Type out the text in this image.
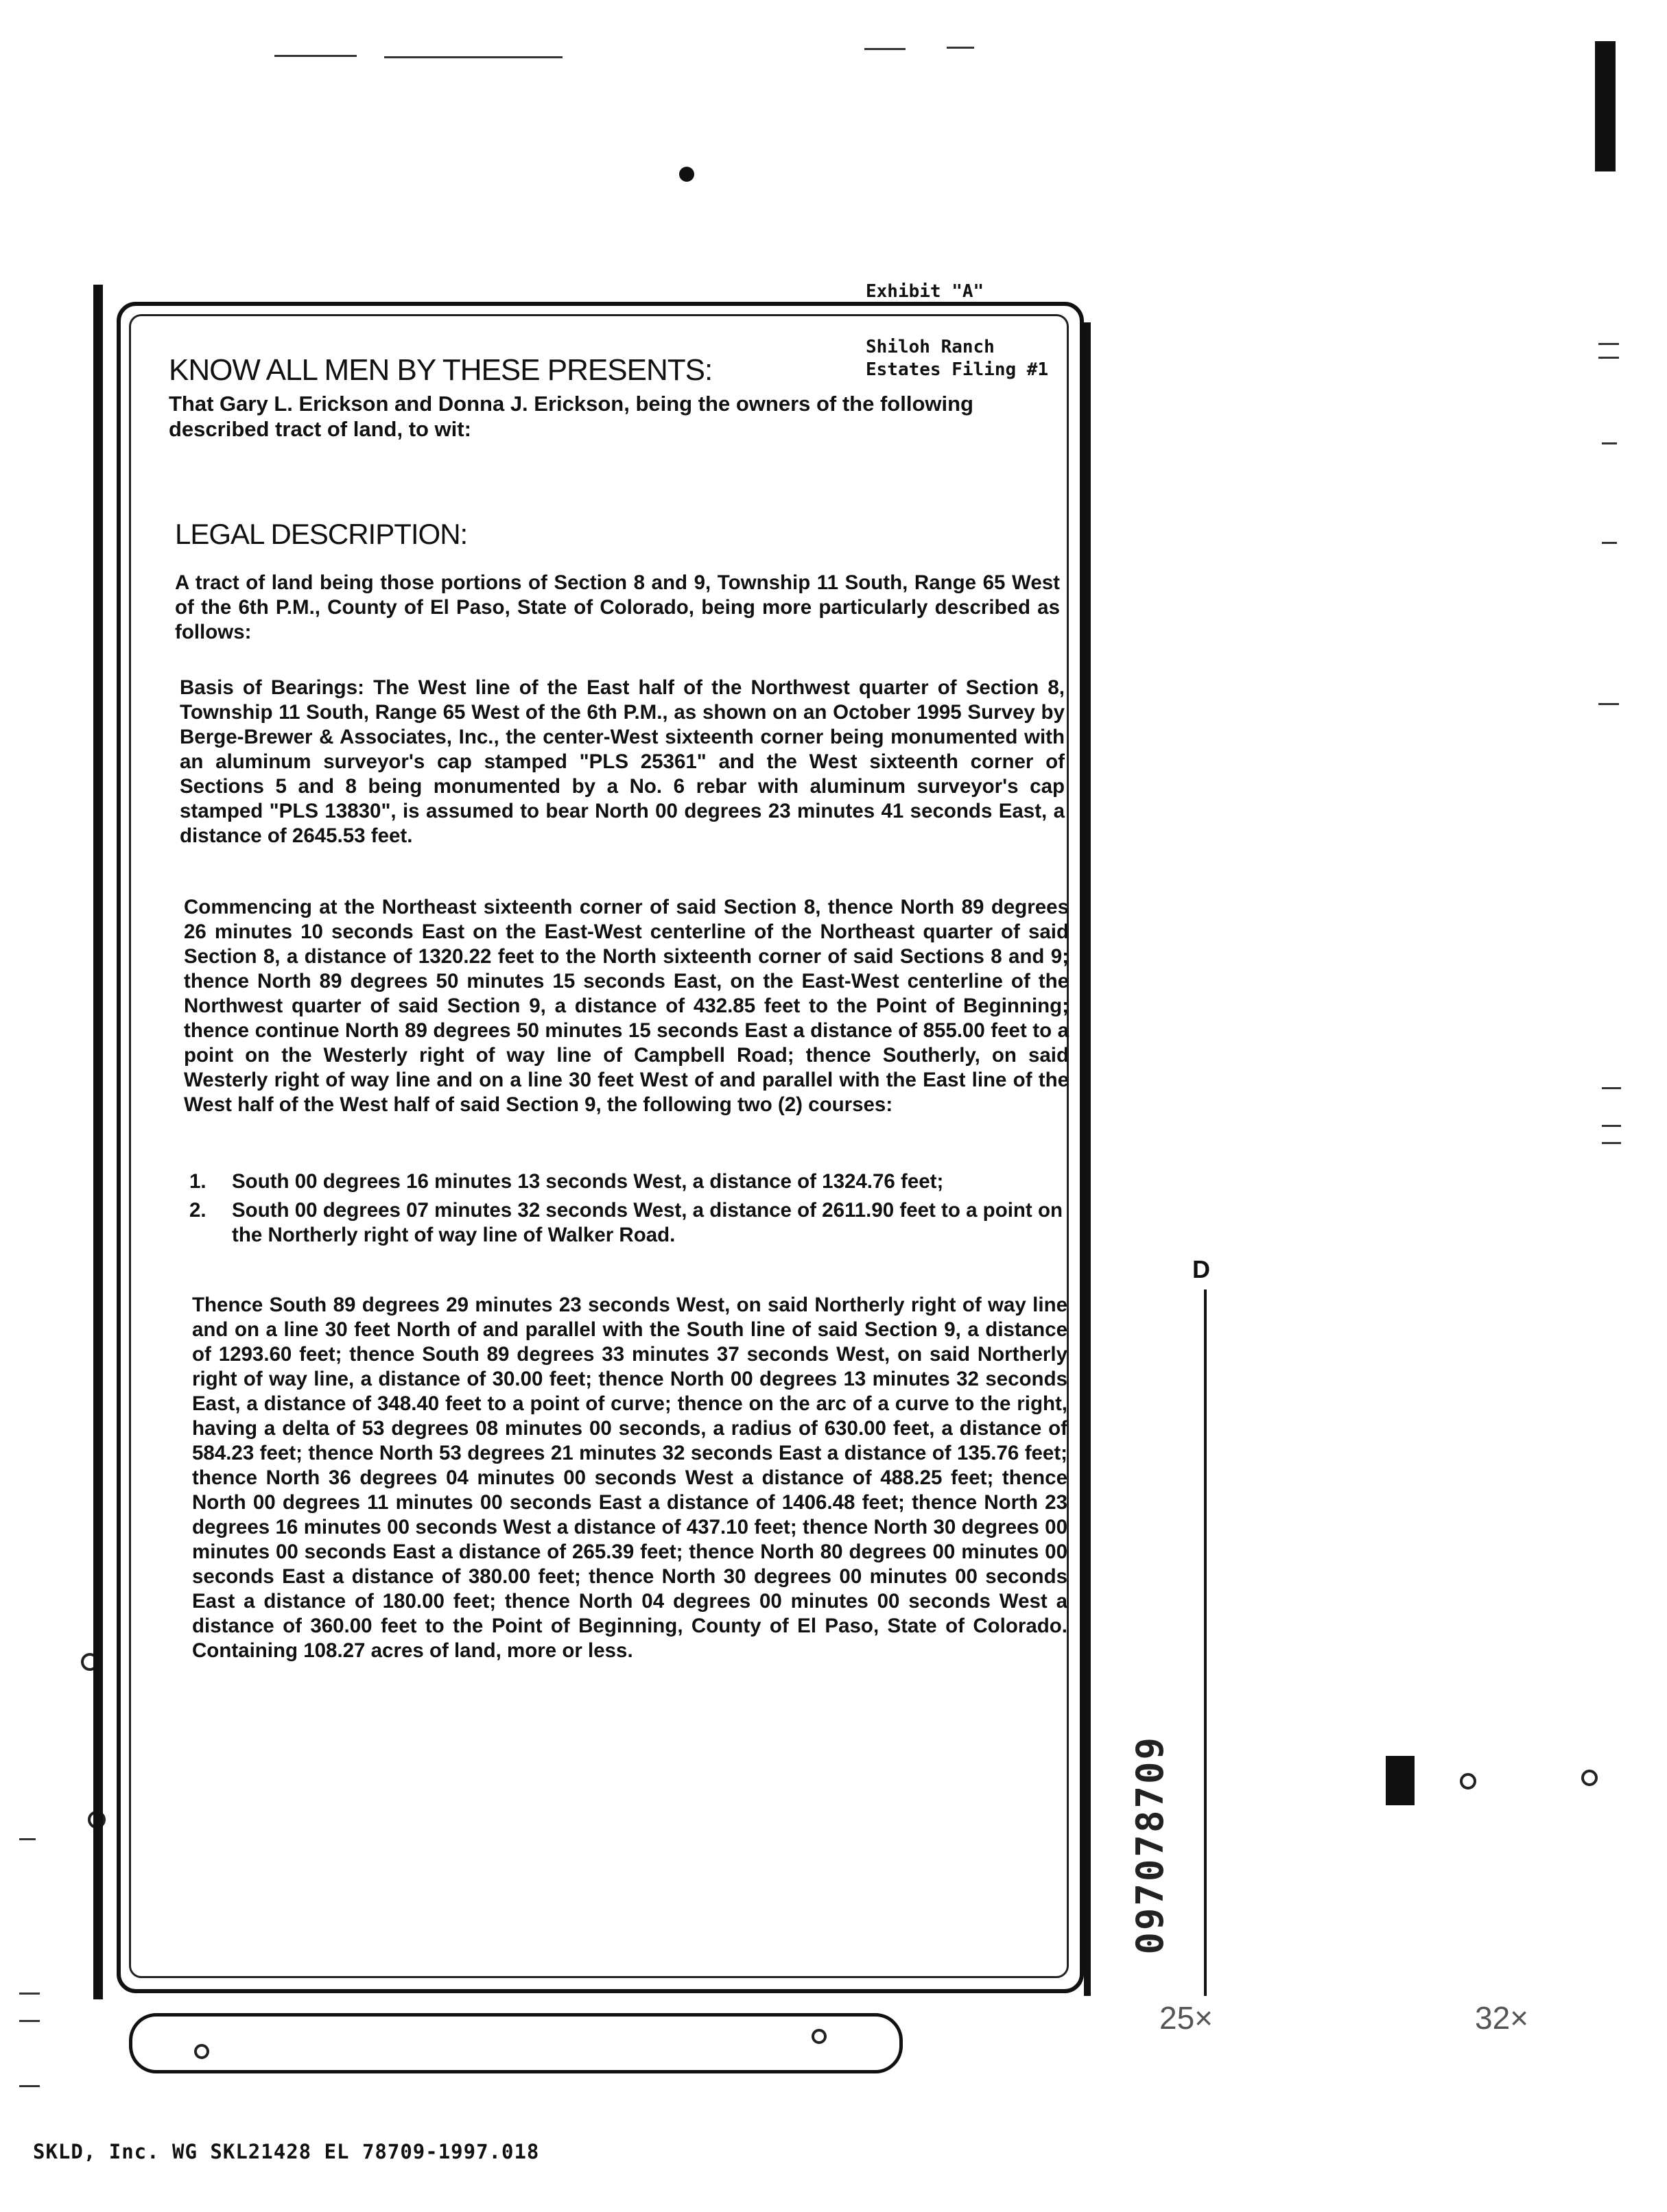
Exhibit "A"
Shiloh Ranch
Estates Filing #1
KNOW ALL MEN BY THESE PRESENTS:
That Gary L. Erickson and Donna J. Erickson, being the owners of the following described tract of land, to wit:
LEGAL DESCRIPTION:
A tract of land being those portions of Section 8 and 9, Township 11 South, Range 65 West of the 6th P.M., County of El Paso, State of Colorado, being more particularly described as follows:
Basis of Bearings: The West line of the East half of the Northwest quarter of Section 8, Township 11 South, Range 65 West of the 6th P.M., as shown on an October 1995 Survey by Berge-Brewer & Associates, Inc., the center-West sixteenth corner being monumented with an aluminum surveyor's cap stamped "PLS 25361" and the West sixteenth corner of Sections 5 and 8 being monumented by a No. 6 rebar with aluminum surveyor's cap stamped "PLS 13830", is assumed to bear North 00 degrees 23 minutes 41 seconds East, a distance of 2645.53 feet.
Commencing at the Northeast sixteenth corner of said Section 8, thence North 89 degrees 26 minutes 10 seconds East on the East-West centerline of the Northeast quarter of said Section 8, a distance of 1320.22 feet to the North sixteenth corner of said Sections 8 and 9; thence North 89 degrees 50 minutes 15 seconds East, on the East-West centerline of the Northwest quarter of said Section 9, a distance of 432.85 feet to the Point of Beginning; thence continue North 89 degrees 50 minutes 15 seconds East a distance of 855.00 feet to a point on the Westerly right of way line of Campbell Road; thence Southerly, on said Westerly right of way line and on a line 30 feet West of and parallel with the East line of the West half of the West half of said Section 9, the following two (2) courses:
1. South 00 degrees 16 minutes 13 seconds West, a distance of 1324.76 feet;
2. South 00 degrees 07 minutes 32 seconds West, a distance of 2611.90 feet to a point on the Northerly right of way line of Walker Road.
Thence South 89 degrees 29 minutes 23 seconds West, on said Northerly right of way line and on a line 30 feet North of and parallel with the South line of said Section 9, a distance of 1293.60 feet; thence South 89 degrees 33 minutes 37 seconds West, on said Northerly right of way line, a distance of 30.00 feet; thence North 00 degrees 13 minutes 32 seconds East, a distance of 348.40 feet to a point of curve; thence on the arc of a curve to the right, having a delta of 53 degrees 08 minutes 00 seconds, a radius of 630.00 feet, a distance of 584.23 feet; thence North 53 degrees 21 minutes 32 seconds East a distance of 135.76 feet; thence North 36 degrees 04 minutes 00 seconds West a distance of 488.25 feet; thence North 00 degrees 11 minutes 00 seconds East a distance of 1406.48 feet; thence North 23 degrees 16 minutes 00 seconds West a distance of 437.10 feet; thence North 30 degrees 00 minutes 00 seconds East a distance of 265.39 feet; thence North 80 degrees 00 minutes 00 seconds East a distance of 380.00 feet; thence North 30 degrees 00 minutes 00 seconds East a distance of 180.00 feet; thence North 04 degrees 00 minutes 00 seconds West a distance of 360.00 feet to the Point of Beginning, County of El Paso, State of Colorado. Containing 108.27 acres of land, more or less.
097078709
D
25×	32×
SKLD, Inc. WG SKL21428 EL 78709-1997.018
